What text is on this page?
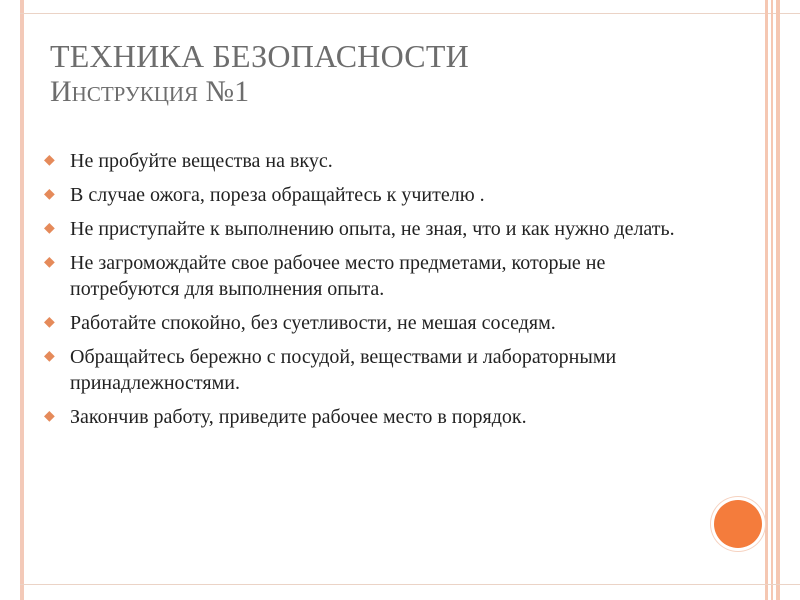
ТЕХНИКА БЕЗОПАСНОСТИ
Инструкция №1
◆ Не пробуйте вещества на вкус.
◆ В случае ожога, пореза обращайтесь к учителю .
◆ Не приступайте к выполнению опыта, не зная, что и как нужно делать.
◆ Не загромождайте свое рабочее место предметами, которые не потребуются для выполнения опыта.
◆ Работайте спокойно, без суетливости, не мешая соседям.
◆ Обращайтесь бережно с посудой, веществами и лабораторными принадлежностями.
◆ Закончив работу, приведите рабочее место в порядок.
